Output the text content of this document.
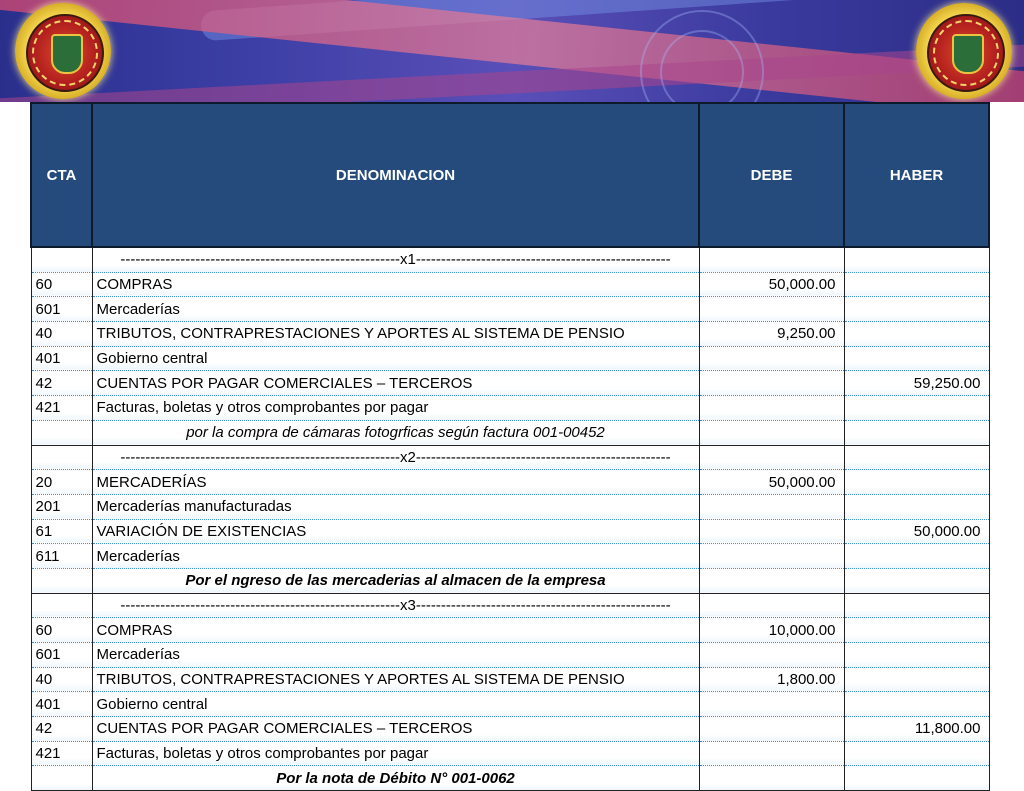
CTA	DENOMINACION	DEBE	HABER
	--------------------------------------------------------x1---------------------------------------------------		
60	COMPRAS	50,000.00	
601	Mercaderías		
40	TRIBUTOS, CONTRAPRESTACIONES Y APORTES AL SISTEMA DE PENSIO	9,250.00	
401	Gobierno central		
42	CUENTAS POR PAGAR COMERCIALES – TERCEROS		59,250.00
421	Facturas, boletas y otros comprobantes por pagar		
	por la compra de cámaras fotogrficas según factura 001-00452		
	--------------------------------------------------------x2---------------------------------------------------		
20	MERCADERÍAS	50,000.00	
201	Mercaderías manufacturadas		
61	VARIACIÓN DE EXISTENCIAS		50,000.00
611	Mercaderías		
	Por el ngreso de las mercaderias al almacen de la empresa		
	--------------------------------------------------------x3---------------------------------------------------		
60	COMPRAS	10,000.00	
601	Mercaderías		
40	TRIBUTOS, CONTRAPRESTACIONES Y APORTES AL SISTEMA DE PENSIO	1,800.00	
401	Gobierno central		
42	CUENTAS POR PAGAR COMERCIALES – TERCEROS		11,800.00
421	Facturas, boletas y otros comprobantes por pagar		
	Por la nota de Débito N° 001-0062		
